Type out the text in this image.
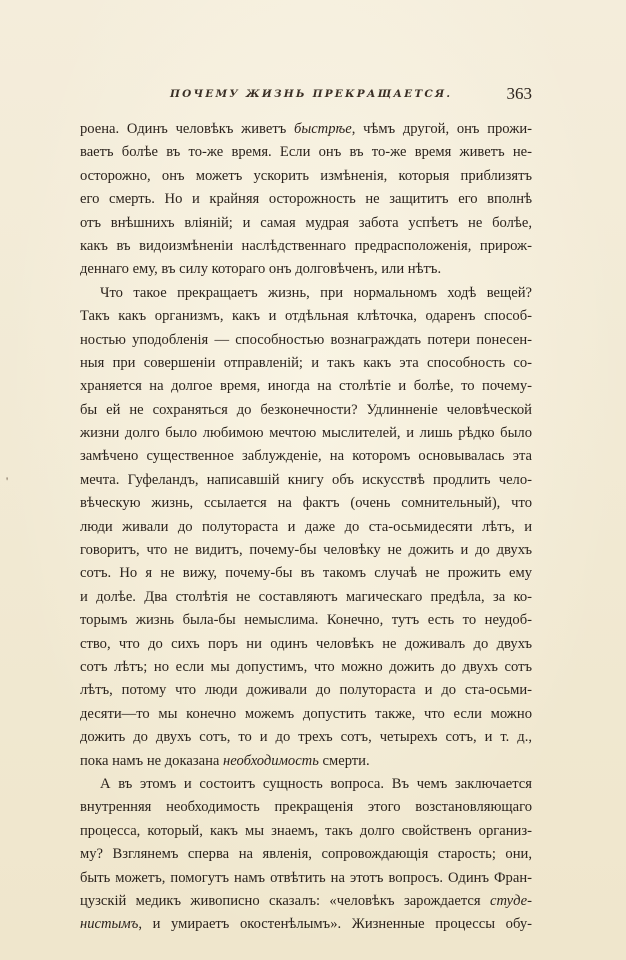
ПОЧЕМУ ЖИЗНЬ ПРЕКРАЩАЕТСЯ.	363
'
роена. Одинъ человѣкъ живетъ быстрѣе, чѣмъ другой, онъ прожи-
ваетъ болѣе въ то-же время. Если онъ въ то-же время живетъ не-
осторожно, онъ можетъ ускорить измѣненія, которыя приблизятъ
его смерть. Но и крайняя осторожность не защититъ его вполнѣ
отъ внѣшнихъ вліяній; и самая мудрая забота успѣетъ не болѣе,
какъ въ видоизмѣненіи наслѣдственнаго предрасположенія, прирож-
деннаго ему, въ силу котораго онъ долговѣченъ, или нѣтъ.
Что такое прекращаетъ жизнь, при нормальномъ ходѣ вещей?
Такъ какъ организмъ, какъ и отдѣльная клѣточка, одаренъ способ-
ностью уподобленія — способностью вознаграждать потери понесен-
ныя при совершеніи отправленій; и такъ какъ эта способность со-
храняется на долгое время, иногда на столѣтіе и болѣе, то почему-
бы ей не сохраняться до безконечности? Удлинненіе человѣческой
жизни долго было любимою мечтою мыслителей, и лишь рѣдко было
замѣчено существенное заблужденіе, на которомъ основывалась эта
мечта. Гуфеландъ, написавшій книгу объ искусствѣ продлить чело-
вѣческую жизнь, ссылается на фактъ (очень сомнительный), что
люди живали до полутораста и даже до ста-осьмидесяти лѣтъ, и
говоритъ, что не видитъ, почему-бы человѣку не дожить и до двухъ
сотъ. Но я не вижу, почему-бы въ такомъ случаѣ не прожить ему
и долѣе. Два столѣтія не составляютъ магическаго предѣла, за ко-
торымъ жизнь была-бы немыслима. Конечно, тутъ есть то неудоб-
ство, что до сихъ поръ ни одинъ человѣкъ не доживалъ до двухъ
сотъ лѣтъ; но если мы допустимъ, что можно дожить до двухъ сотъ
лѣтъ, потому что люди доживали до полутораста и до ста-осьми-
десяти—то мы конечно можемъ допустить также, что если можно
дожить до двухъ сотъ, то и до трехъ сотъ, четырехъ сотъ, и т. д.,
пока намъ не доказана необходимость смерти.
А въ этомъ и состоитъ сущность вопроса. Въ чемъ заключается
внутренняя необходимость прекращенія этого возстановляющаго
процесса, который, какъ мы знаемъ, такъ долго свойственъ организ-
му? Взглянемъ сперва на явленія, сопровождающія старость; они,
быть можетъ, помогутъ намъ отвѣтить на этотъ вопросъ. Одинъ Фран-
цузскій медикъ живописно сказалъ: «человѣкъ зарождается студе-
нистымъ, и умираетъ окостенѣлымъ». Жизненные процессы обу-
